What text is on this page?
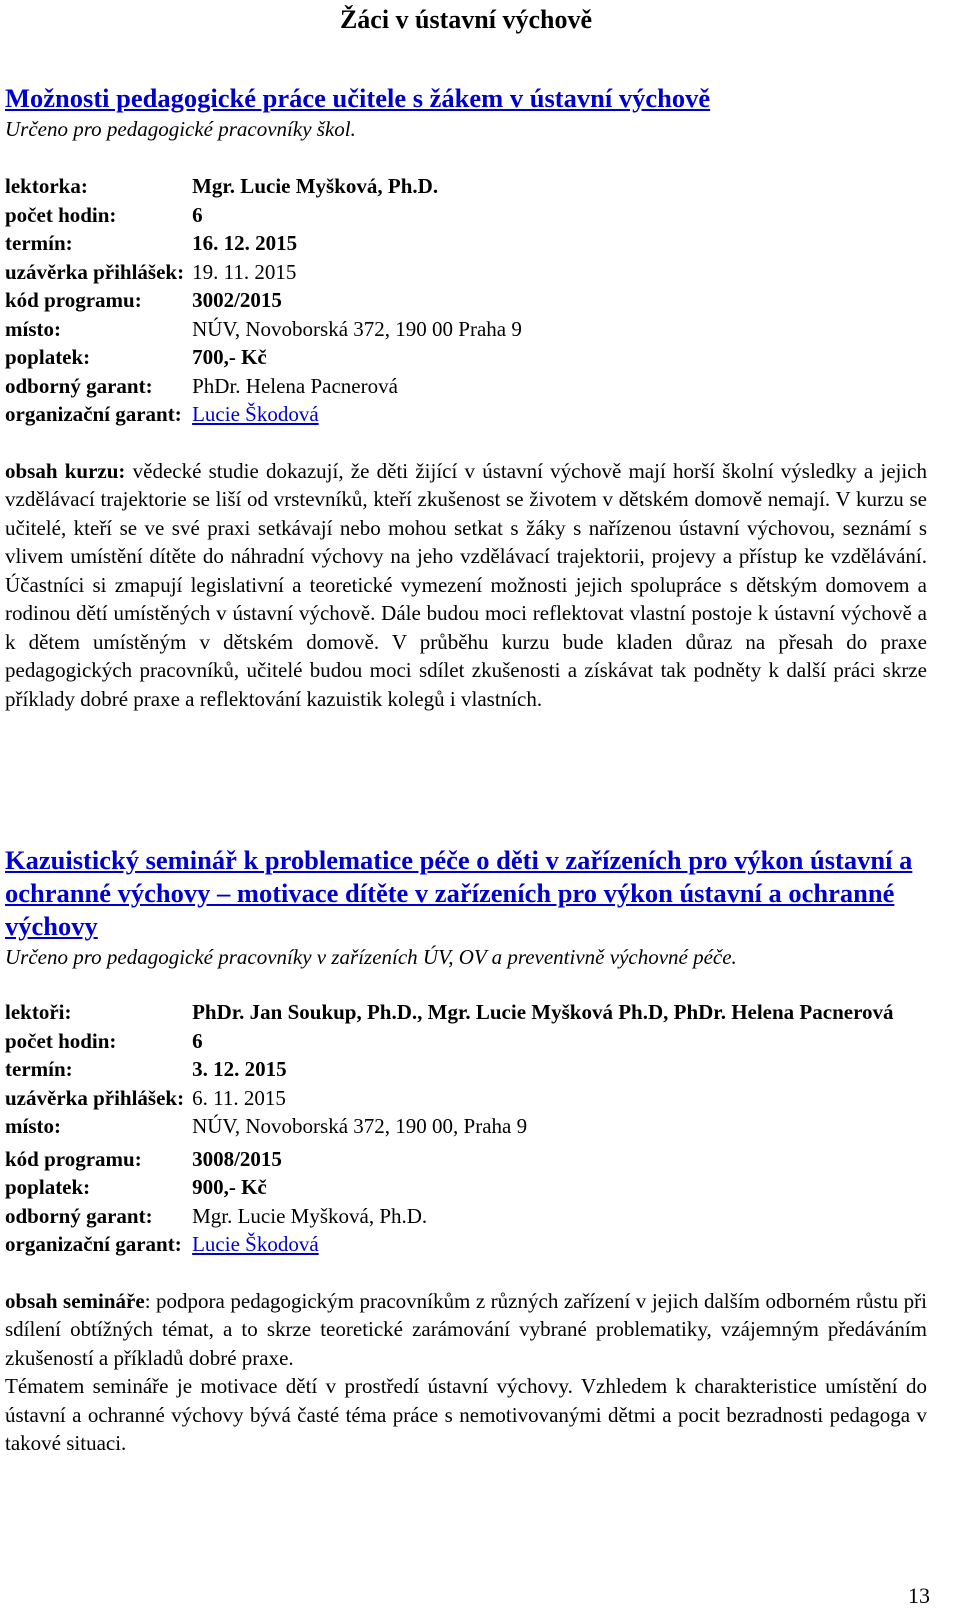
Žáci v ústavní výchově
Možnosti pedagogické práce učitele s žákem v ústavní výchově

Určeno pro pedagogické pracovníky škol.

lektorka:	Mgr. Lucie Myšková, Ph.D.
počet hodin:	6
termín:	16. 12. 2015
uzávěrka přihlášek:	19. 11. 2015
kód programu:	3002/2015
místo:	NÚV, Novoborská 372, 190 00 Praha 9
poplatek:	700,- Kč
odborný garant:	PhDr. Helena Pacnerová
organizační garant:	Lucie Škodová

obsah kurzu: vědecké studie dokazují, že děti žijící v ústavní výchově mají horší školní výsledky a jejich vzdělávací trajektorie se liší od vrstevníků, kteří zkušenost se životem v dětském domově nemají. V kurzu se učitelé, kteří se ve své praxi setkávají nebo mohou setkat s žáky s nařízenou ústavní výchovou, seznámí s vlivem umístění dítěte do náhradní výchovy na jeho vzdělávací trajektorii, projevy a přístup ke vzdělávání. Účastníci si zmapují legislativní a teoretické vymezení možnosti jejich spolupráce s dětským domovem a rodinou dětí umístěných v ústavní výchově. Dále budou moci reflektovat vlastní postoje k ústavní výchově a k dětem umístěným v dětském domově. V průběhu kurzu bude kladen důraz na přesah do praxe pedagogických pracovníků, učitelé budou moci sdílet zkušenosti a získávat tak podněty k další práci skrze příklady dobré praxe a reflektování kazuistik kolegů i vlastních.

Kazuistický seminář k problematice péče o děti v zařízeních pro výkon ústavní a ochranné výchovy – motivace dítěte v zařízeních pro výkon ústavní a ochranné výchovy

Určeno pro pedagogické pracovníky v zařízeních ÚV, OV a preventivně výchovné péče.

lektoři:	PhDr. Jan Soukup, Ph.D., Mgr. Lucie Myšková Ph.D, PhDr. Helena Pacnerová
počet hodin:	6
termín:	3. 12. 2015
uzávěrka přihlášek:	6. 11. 2015
místo:	NÚV, Novoborská 372, 190 00, Praha 9
kód programu:	3008/2015
poplatek:	900,- Kč
odborný garant:	Mgr. Lucie Myšková, Ph.D.
organizační garant:	Lucie Škodová

obsah semináře: podpora pedagogickým pracovníkům z různých zařízení v jejich dalším odborném růstu při sdílení obtížných témat, a to skrze teoretické zarámování vybrané problematiky, vzájemným předáváním zkušeností a příkladů dobré praxe.

Tématem semináře je motivace dětí v prostředí ústavní výchovy. Vzhledem k charakteristice umístění do ústavní a ochranné výchovy bývá časté téma práce s nemotivovanými dětmi a pocit bezradnosti pedagoga v takové situaci.

13
